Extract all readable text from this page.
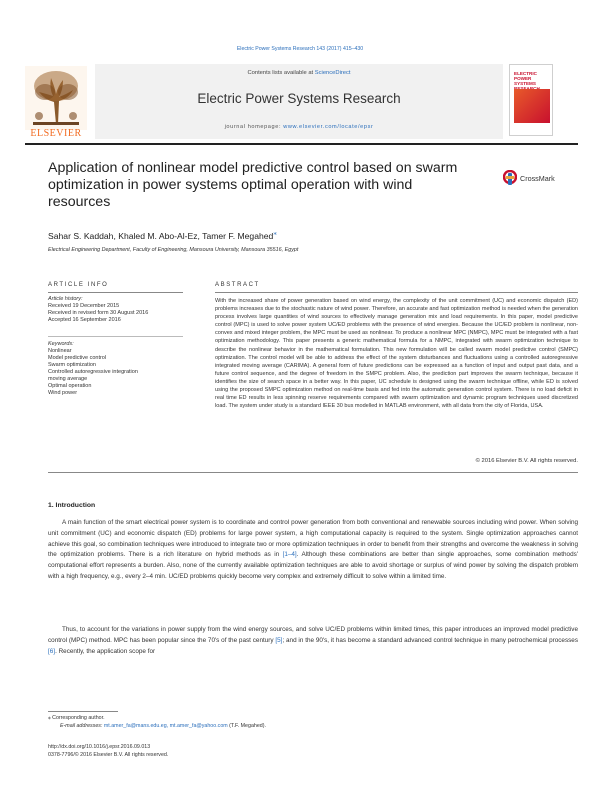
Electric Power Systems Research 143 (2017) 415–430
ELSEVIER
Contents lists available at ScienceDirect
Electric Power Systems Research
journal homepage: www.elsevier.com/locate/epsr
ELECTRIC POWER SYSTEMS
Application of nonlinear model predictive control based on swarm optimization in power systems optimal operation with wind resources
CrossMark
Sahar S. Kaddah, Khaled M. Abo-Al-Ez, Tamer F. Megahed⁎
Electrical Engineering Department, Faculty of Engineering, Mansoura University, Mansoura 35516, Egypt
ARTICLE INFO	ABSTRACT
Article history:
Received 19 December 2015
Received in revised form 30 August 2016
Accepted 16 September 2016
Keywords:
Nonlinear
Model predictive control
Swarm optimization
Controlled autoregressive integration
moving average
Optimal operation
Wind power
With the increased share of power generation based on wind energy, the complexity of the unit commitment (UC) and economic dispatch (ED) problems increases due to the stochastic nature of wind power. Therefore, an accurate and fast optimization method is needed when the generation process involves large quantities of wind sources to effectively manage generation mix and load requirements. In this paper, model predictive control (MPC) is used to solve power system UC/ED problems with the presence of wind energies. Because the UC/ED problem is nonlinear, non-convex and mixed integer problem, the MPC must be used as nonlinear. To produce a nonlinear MPC (NMPC), MPC must be integrated with a fast optimization methodology. This paper presents a generic mathematical formula for a NMPC, integrated with swarm optimization technique to describe the nonlinear behavior in the mathematical formulation. This new formulation will be called swarm model predictive control (SMPC) optimization. The control model will be able to address the effect of the system disturbances and fluctuations using a controlled autoregressive integrated moving average (CARIMA). A general form of future predictions can be expressed as a function of input and output past data, and a future control sequence, and the degree of freedom in the SMPC problem. Also, the prediction part improves the swarm technique, because it identifies the size of search space in a better way. In this paper, UC schedule is designed using the swarm technique offline, while ED is solved using the proposed SMPC optimization method on real-time basis and fed into the automatic generation control system. There is no load deficit in real time ED results in less spinning reserve requirements compared with swarm optimization and dynamic program techniques used discretized load. The system under study is a standard IEEE 30 bus modelled in MATLAB environment, with all data from the city of Florida, USA.
© 2016 Elsevier B.V. All rights reserved.
1. Introduction
A main function of the smart electrical power system is to coordinate and control power generation from both conventional and renewable sources including wind power. When solving unit commitment (UC) and economic dispatch (ED) problems for large power system, a high computational capacity is required to the system. Single optimization approaches cannot achieve this goal, so combination techniques were introduced to integrate two or more optimization techniques in order to benefit from their strengths and overcome the weakness in solving the optimization problems. There is a rich literature on hybrid methods as in [1–4]. Although these combinations are better than single approaches, some combination methods' computational effort represents a burden. Also, none of the currently available optimization techniques are able to avoid shortage or surplus of wind power by solving the dispatch problem with a high frequency, e.g., every 2–4 min. UC/ED problems quickly become very complex and extremely difficult to solve within a limited time.
Thus, to account for the variations in power supply from the wind energy sources, and solve UC/ED problems within limited times, this paper introduces an improved model predictive control (MPC) method. MPC has been popular since the 70's of the past century [5]; and in the 90's, it has become a standard advanced control technique in many petrochemical processes [6]. Recently, the application scope for
⁎ Corresponding author.
E-mail addresses: mt.amer_fa@mans.edu.eg, mt.amer_fa@yahoo.com (T.F. Megahed).
http://dx.doi.org/10.1016/j.epsr.2016.09.013
0378-7796/© 2016 Elsevier B.V. All rights reserved.
